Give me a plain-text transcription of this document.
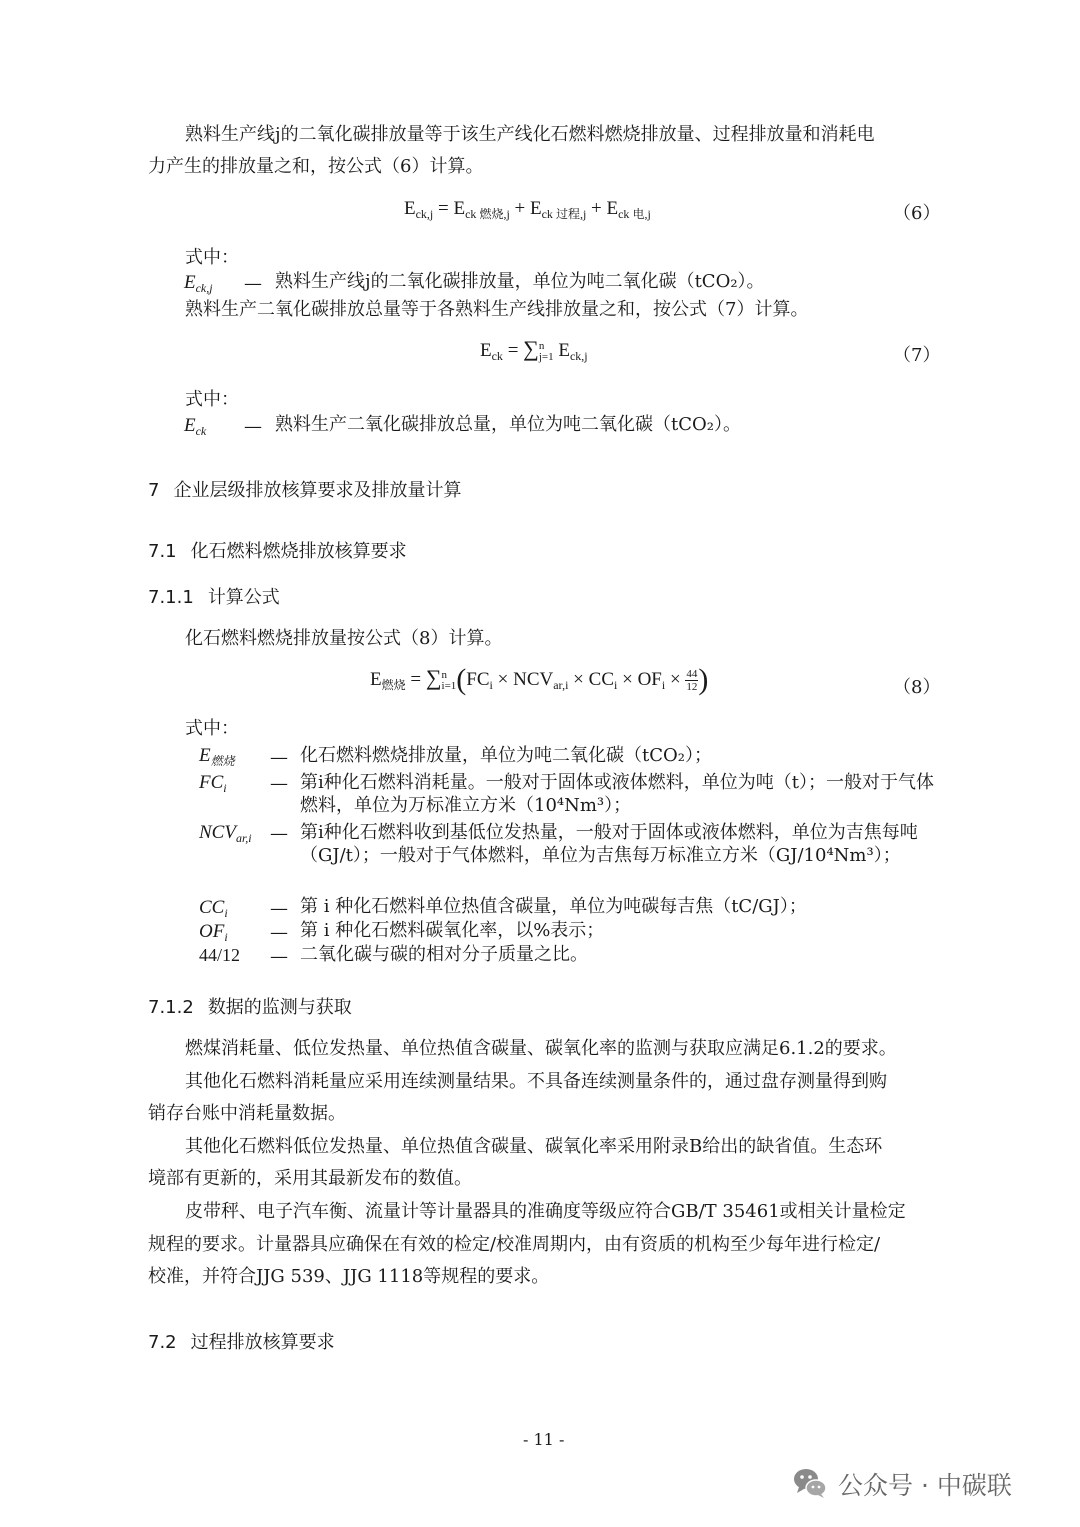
熟料生产线j的二氧化碳排放量等于该生产线化石燃料燃烧排放量、过程排放量和消耗电
力产生的排放量之和，按公式（6）计算。
$E_{ck,j} = E_{ck 燃烧,j} + E_{ck 过程,j} + E_{ck 电,j}$	（6）
式中：
$E_{ck,j}$ — 熟料生产线j的二氧化碳排放量，单位为吨二氧化碳（tCO₂）。
熟料生产二氧化碳排放总量等于各熟料生产线排放量之和，按公式（7）计算。
$E_{ck}$ = ∑ n
j=1 $E_{ck,j}$	（7）
式中：
$E_{ck}$ — 熟料生产二氧化碳排放总量，单位为吨二氧化碳（tCO₂）。
7 企业层级排放核算要求及排放量计算
7.1 化石燃料燃烧排放核算要求
7.1.1 计算公式
化石燃料燃烧排放量按公式（8）计算。
$E_{燃烧}$ = ∑ n
i=1 ($FC_i \times NCV_{ar,i} \times CC_i \times OF_i \times \frac{44}{12}$ )	（8）
式中：
$E_{燃烧}$ — 化石燃料燃烧排放量，单位为吨二氧化碳（tCO₂）；
$FC_i$ — 第i种化石燃料消耗量。一般对于固体或液体燃料，单位为吨（t）；一般对于气体燃料，单位为万标准立方米（10⁴Nm³）；
$NCV_{ar,i}$ — 第i种化石燃料收到基低位发热量，一般对于固体或液体燃料，单位为吉焦每吨（GJ/t）；一般对于气体燃料，单位为吉焦每万标准立方米（GJ/10⁴Nm³）；
$CC_i$ — 第 i 种化石燃料单位热值含碳量，单位为吨碳每吉焦（tC/GJ）；
$OF_i$ — 第 i 种化石燃料碳氧化率，以%表示；
44/12 — 二氧化碳与碳的相对分子质量之比。
7.1.2 数据的监测与获取
燃煤消耗量、低位发热量、单位热值含碳量、碳氧化率的监测与获取应满足6.1.2的要求。
其他化石燃料消耗量应采用连续测量结果。不具备连续测量条件的，通过盘存测量得到购
销存台账中消耗量数据。
其他化石燃料低位发热量、单位热值含碳量、碳氧化率采用附录B给出的缺省值。生态环
境部有更新的，采用其最新发布的数值。
皮带秤、电子汽车衡、流量计等计量器具的准确度等级应符合GB/T 35461或相关计量检定
规程的要求。计量器具应确保在有效的检定/校准周期内，由有资质的机构至少每年进行检定/
校准，并符合JJG 539、JJG 1118等规程的要求。
7.2 过程排放核算要求
- 11 -
公众号 · 中碳联
